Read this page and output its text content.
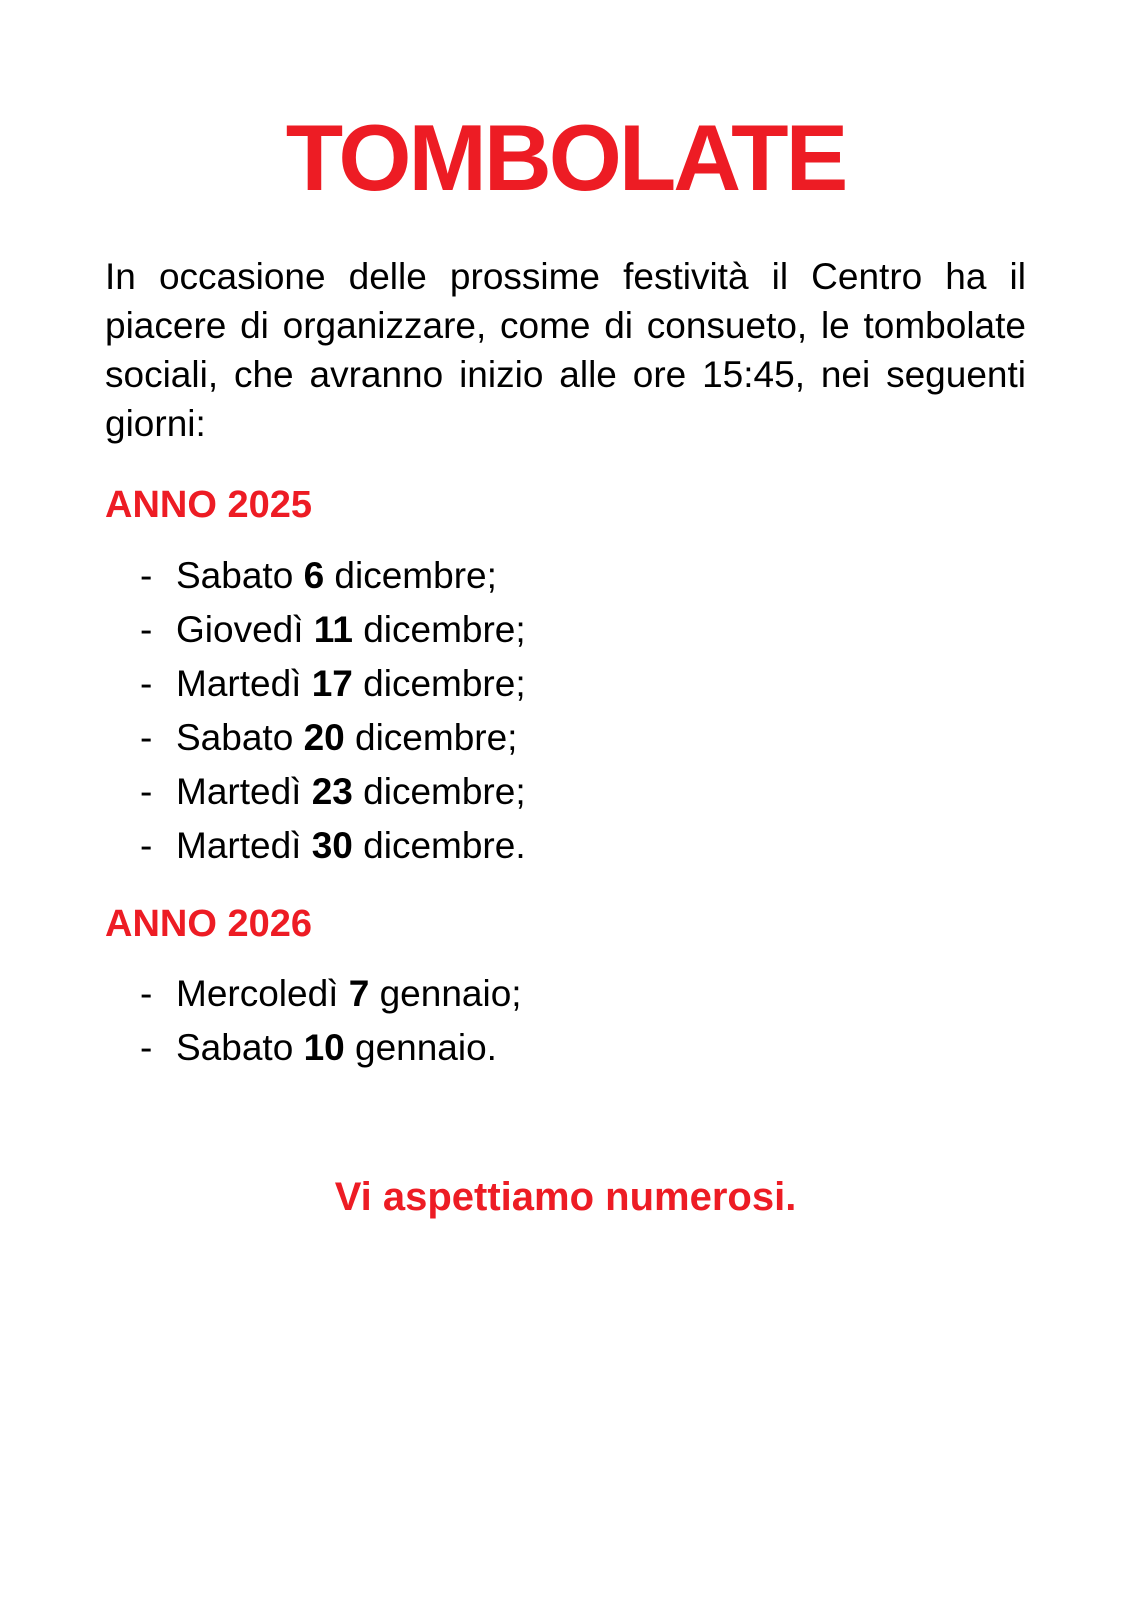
TOMBOLATE

In occasione delle prossime festività il Centro ha il piacere di organizzare, come di consueto, le tombolate sociali, che avranno inizio alle ore 15:45, nei seguenti giorni:

ANNO 2025
- Sabato 6 dicembre;
- Giovedì 11 dicembre;
- Martedì 17 dicembre;
- Sabato 20 dicembre;
- Martedì 23 dicembre;
- Martedì 30 dicembre.
ANNO 2026
- Mercoledì 7 gennaio;
- Sabato 10 gennaio.

Vi aspettiamo numerosi.
